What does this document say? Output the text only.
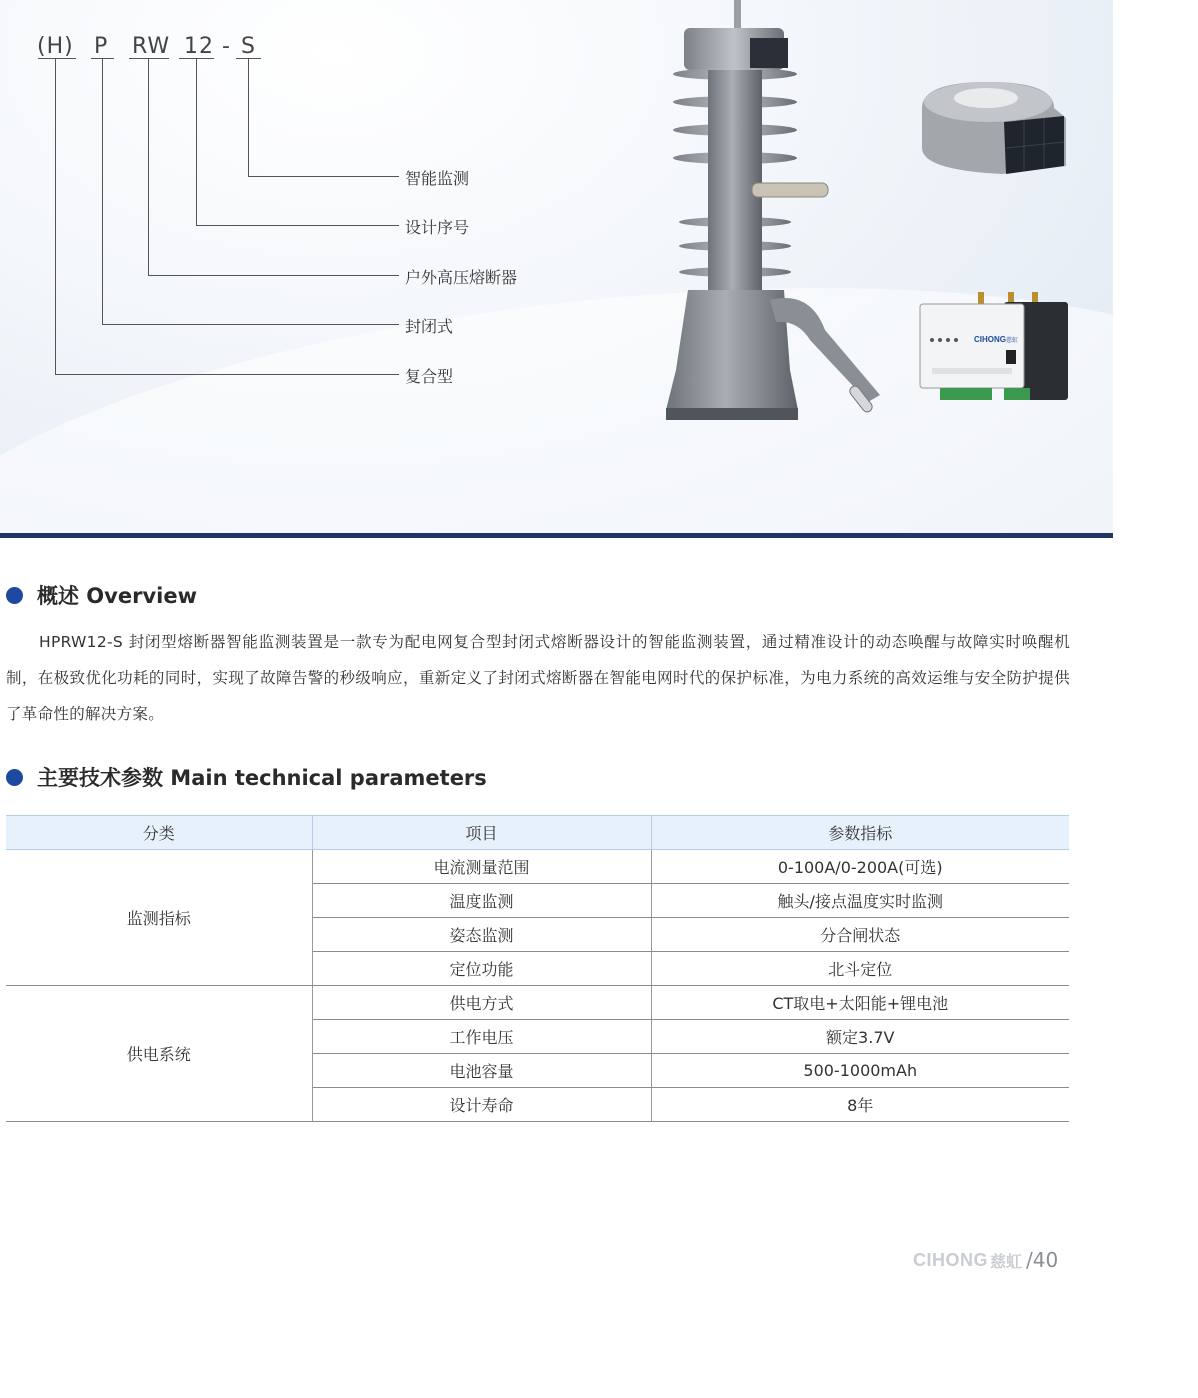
(H) P RW 12 - S
智能监测
设计序号
户外高压熔断器
封闭式
复合型
CIHONG 慈虹
概述 Overview

HPRW12-S 封闭型熔断器智能监测装置是一款专为配电网复合型封闭式熔断器设计的智能监测装置，通过精准设计的动态唤醒与故障实时唤醒机制，在极致优化功耗的同时，实现了故障告警的秒级响应，重新定义了封闭式熔断器在智能电网时代的保护标准，为电力系统的高效运维与安全防护提供了革命性的解决方案。

主要技术参数 Main technical parameters
分类	项目	参数指标
监测指标	电流测量范围	0-100A/0-200A(可选)
	温度监测	触头/接点温度实时监测
	姿态监测	分合闸状态
	定位功能	北斗定位
供电系统	供电方式	CT取电+太阳能+锂电池
	工作电压	额定3.7V
	电池容量	500-1000mAh
	设计寿命	8年
CIHONG 慈虹 /40
